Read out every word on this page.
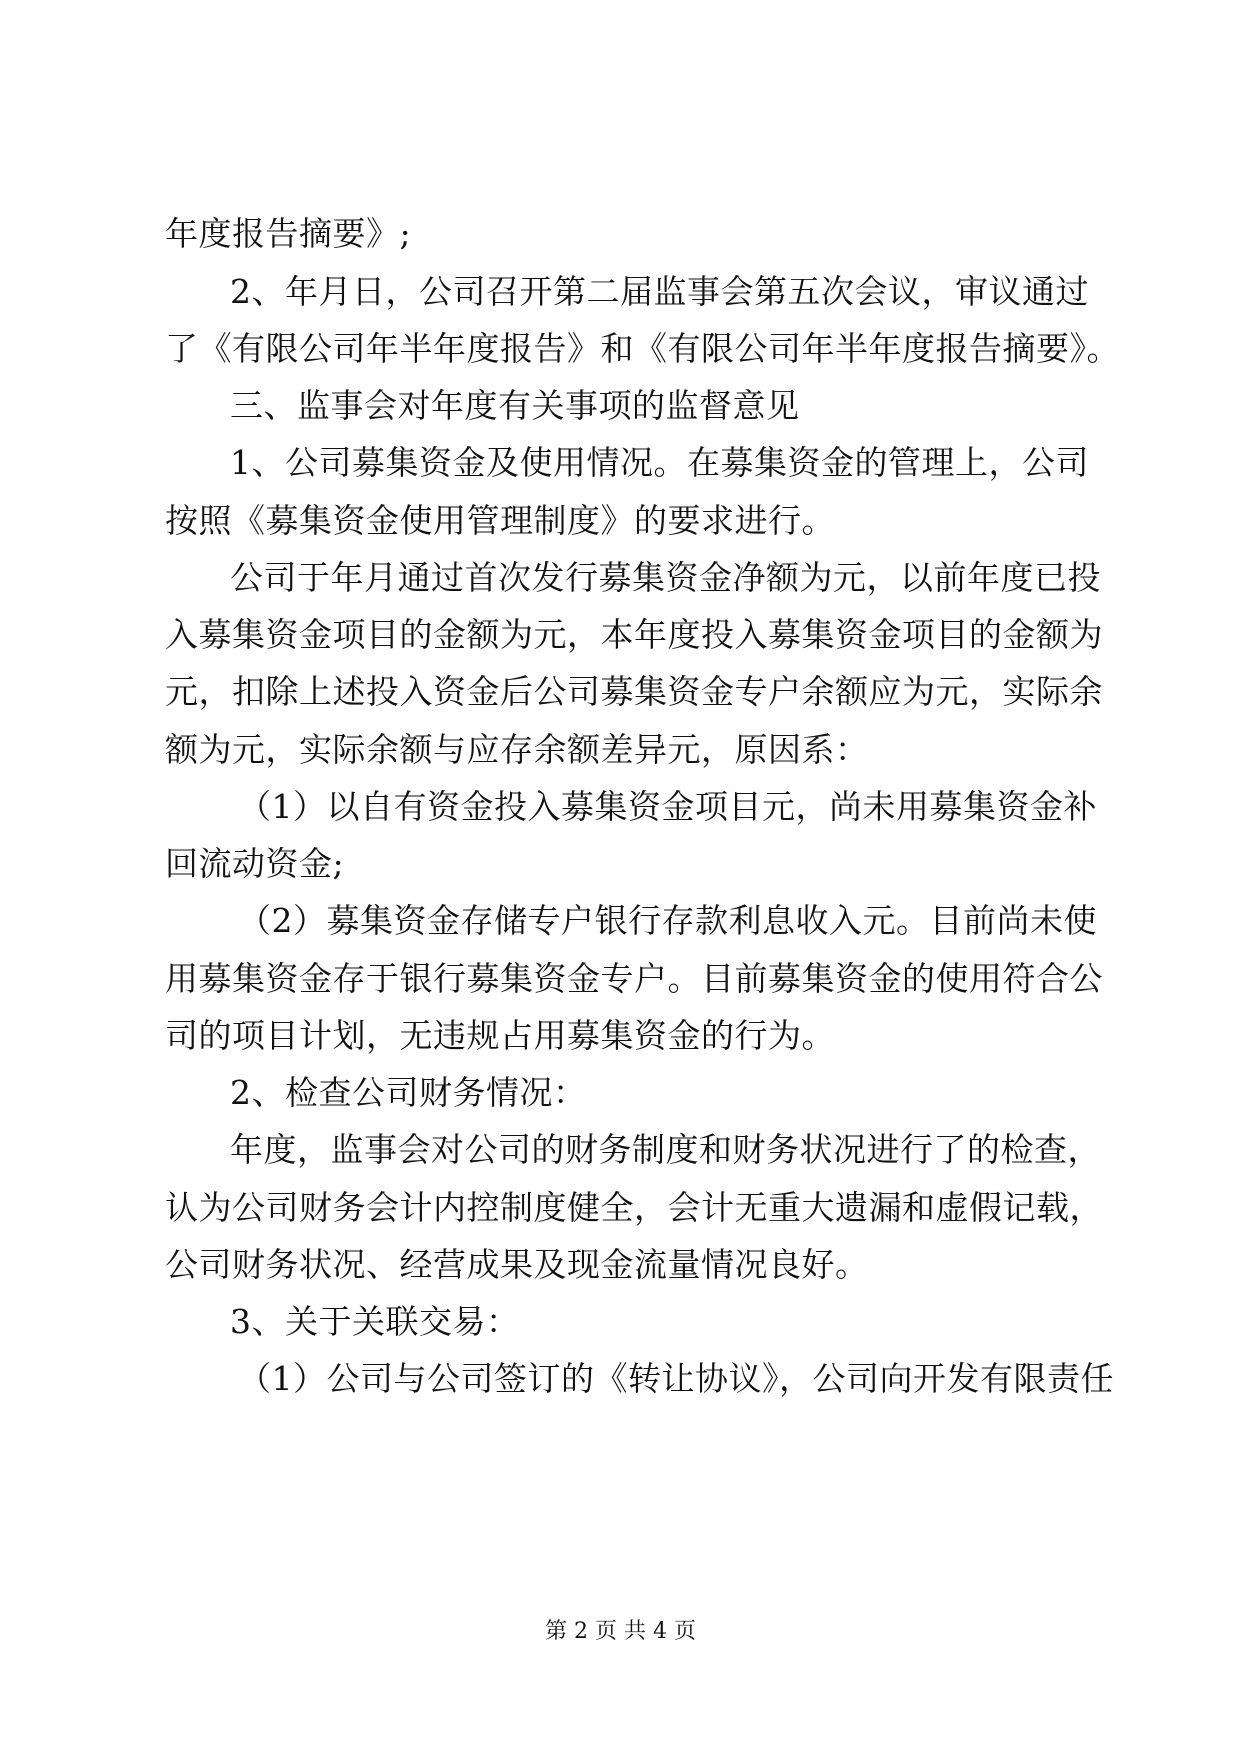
年度报告摘要》;
2、年月日，公司召开第二届监事会第五次会议，审议通过
了《有限公司年半年度报告》和《有限公司年半年度报告摘要》。
三、监事会对年度有关事项的监督意见
1、公司募集资金及使用情况。在募集资金的管理上，公司
按照《募集资金使用管理制度》的要求进行。
公司于年月通过首次发行募集资金净额为元，以前年度已投
入募集资金项目的金额为元，本年度投入募集资金项目的金额为
元，扣除上述投入资金后公司募集资金专户余额应为元，实际余
额为元，实际余额与应存余额差异元，原因系：
（1）以自有资金投入募集资金项目元，尚未用募集资金补
回流动资金;
（2）募集资金存储专户银行存款利息收入元。目前尚未使
用募集资金存于银行募集资金专户。目前募集资金的使用符合公
司的项目计划，无违规占用募集资金的行为。
2、检查公司财务情况：
年度，监事会对公司的财务制度和财务状况进行了的检查，
认为公司财务会计内控制度健全，会计无重大遗漏和虚假记载，
公司财务状况、经营成果及现金流量情况良好。
3、关于关联交易：
（1）公司与公司签订的《转让协议》，公司向开发有限责任
第 2 页 共 4 页
